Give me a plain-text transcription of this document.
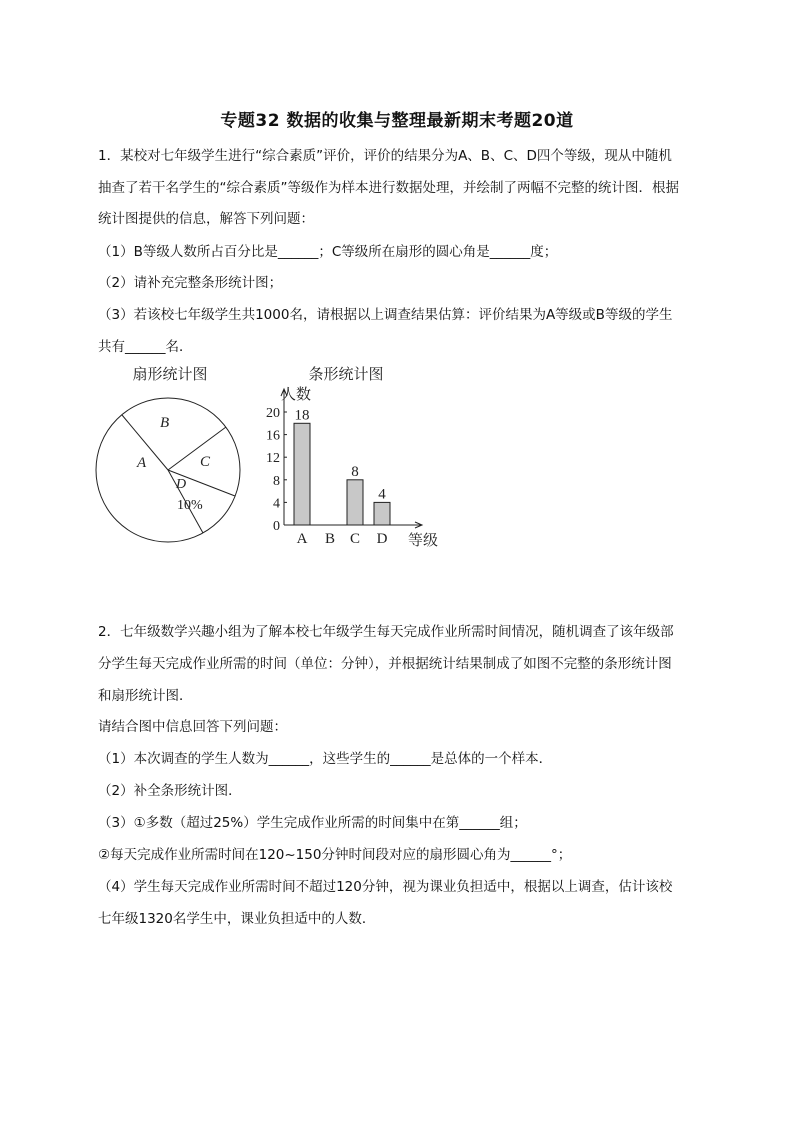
专题32 数据的收集与整理最新期末考题20道
1．某校对七年级学生进行“综合素质”评价，评价的结果分为A、B、C、D四个等级，现从中随机
抽查了若干名学生的“综合素质”等级作为样本进行数据处理，并绘制了两幅不完整的统计图．根据
统计图提供的信息，解答下列问题：
（1）B等级人数所占百分比是______；C等级所在扇形的圆心角是______度；
（2）请补充完整条形统计图；
（3）若该校七年级学生共1000名，请根据以上调查结果估算：评价结果为A等级或B等级的学生
共有______名．
扇形统计图
A
B
C
D
10%
条形统计图
人数
等级
0
4
8
12
16
20 18
A B
8
C
4
D
2．七年级数学兴趣小组为了解本校七年级学生每天完成作业所需时间情况，随机调查了该年级部
分学生每天完成作业所需的时间（单位：分钟），并根据统计结果制成了如图不完整的条形统计图
和扇形统计图．
请结合图中信息回答下列问题：
（1）本次调查的学生人数为______，这些学生的______是总体的一个样本．
（2）补全条形统计图．
（3）①多数（超过25%）学生完成作业所需的时间集中在第______组；
②每天完成作业所需时间在120~150分钟时间段对应的扇形圆心角为______°；
（4）学生每天完成作业所需时间不超过120分钟，视为课业负担适中，根据以上调查，估计该校
七年级1320名学生中，课业负担适中的人数．
